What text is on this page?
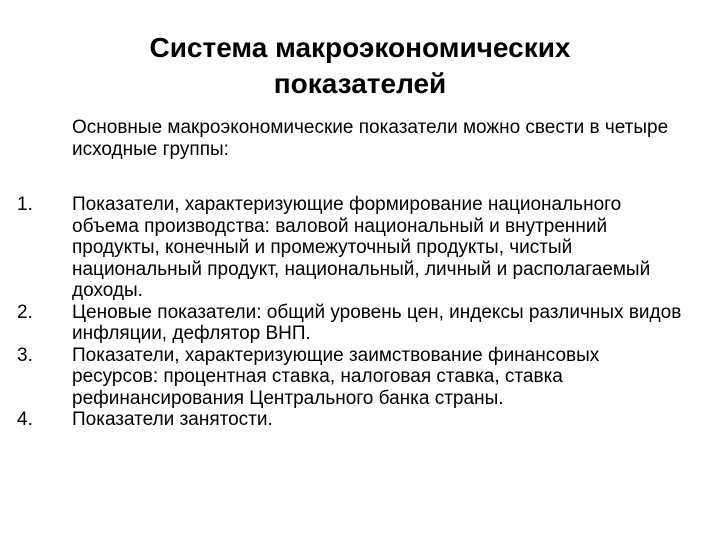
Система макроэкономических
показателей

Основные макроэкономические показатели можно свести в четыре исходные группы:

1.	Показатели, характеризующие формирование национального объема производства: валовой национальный и внутренний продукты, конечный и промежуточный продукты, чистый национальный продукт, национальный, личный и располагаемый доходы.
2.	Ценовые показатели: общий уровень цен, индексы различных видов инфляции, дефлятор ВНП.
3.	Показатели, характеризующие заимствование финансовых ресурсов: процентная ставка, налоговая ставка, ставка рефинансирования Центрального банка страны.
4.	Показатели занятости.
